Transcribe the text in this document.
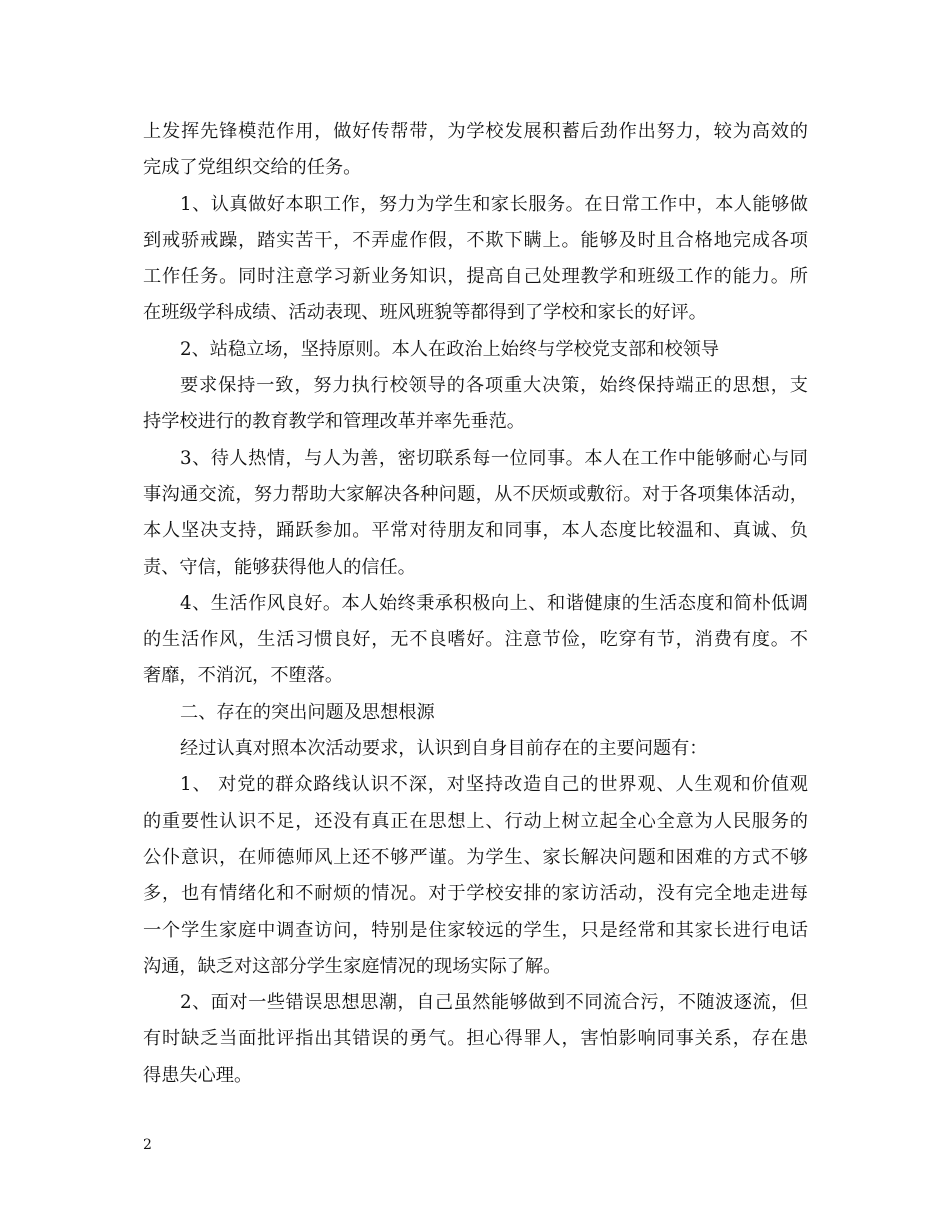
上发挥先锋模范作用，做好传帮带，为学校发展积蓄后劲作出努力，较为高效的
完成了党组织交给的任务。
1、认真做好本职工作，努力为学生和家长服务。在日常工作中，本人能够做
到戒骄戒躁，踏实苦干，不弄虚作假，不欺下瞒上。能够及时且合格地完成各项
工作任务。同时注意学习新业务知识，提高自己处理教学和班级工作的能力。所
在班级学科成绩、活动表现、班风班貌等都得到了学校和家长的好评。
2、站稳立场，坚持原则。本人在政治上始终与学校党支部和校领导
要求保持一致，努力执行校领导的各项重大决策，始终保持端正的思想，支
持学校进行的教育教学和管理改革并率先垂范。
3、待人热情，与人为善，密切联系每一位同事。本人在工作中能够耐心与同
事沟通交流，努力帮助大家解决各种问题，从不厌烦或敷衍。对于各项集体活动，
本人坚决支持，踊跃参加。平常对待朋友和同事，本人态度比较温和、真诚、负
责、守信，能够获得他人的信任。
4、生活作风良好。本人始终秉承积极向上、和谐健康的生活态度和简朴低调
的生活作风，生活习惯良好，无不良嗜好。注意节俭，吃穿有节，消费有度。不
奢靡，不消沉，不堕落。
二、存在的突出问题及思想根源
经过认真对照本次活动要求，认识到自身目前存在的主要问题有：
1、 对党的群众路线认识不深，对坚持改造自己的世界观、人生观和价值观
的重要性认识不足，还没有真正在思想上、行动上树立起全心全意为人民服务的
公仆意识，在师德师风上还不够严谨。为学生、家长解决问题和困难的方式不够
多，也有情绪化和不耐烦的情况。对于学校安排的家访活动，没有完全地走进每
一个学生家庭中调查访问，特别是住家较远的学生，只是经常和其家长进行电话
沟通，缺乏对这部分学生家庭情况的现场实际了解。
2、面对一些错误思想思潮，自己虽然能够做到不同流合污，不随波逐流，但
有时缺乏当面批评指出其错误的勇气。担心得罪人，害怕影响同事关系，存在患
得患失心理。
2
